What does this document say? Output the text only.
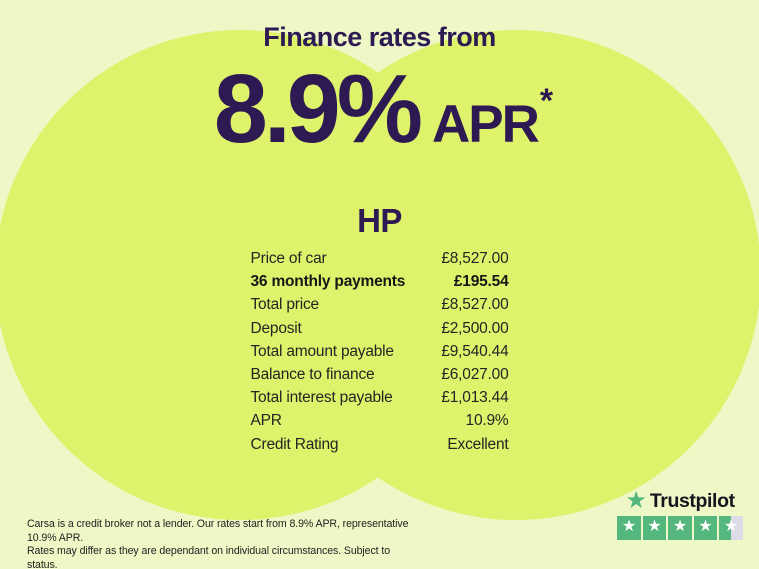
Finance rates from
8.9% APR *
HP
Price of car	£8,527.00
36 monthly payments	£195.54
Total price	£8,527.00
Deposit	£2,500.00
Total amount payable	£9,540.44
Balance to finance	£6,027.00
Total interest payable	£1,013.44
APR	10.9%
Credit Rating	Excellent
Carsa is a credit broker not a lender. Our rates start from 8.9% APR, representative 10.9% APR.
Rates may differ as they are dependant on individual circumstances. Subject to status.
★ Trustpilot
★ ★ ★ ★ ★
